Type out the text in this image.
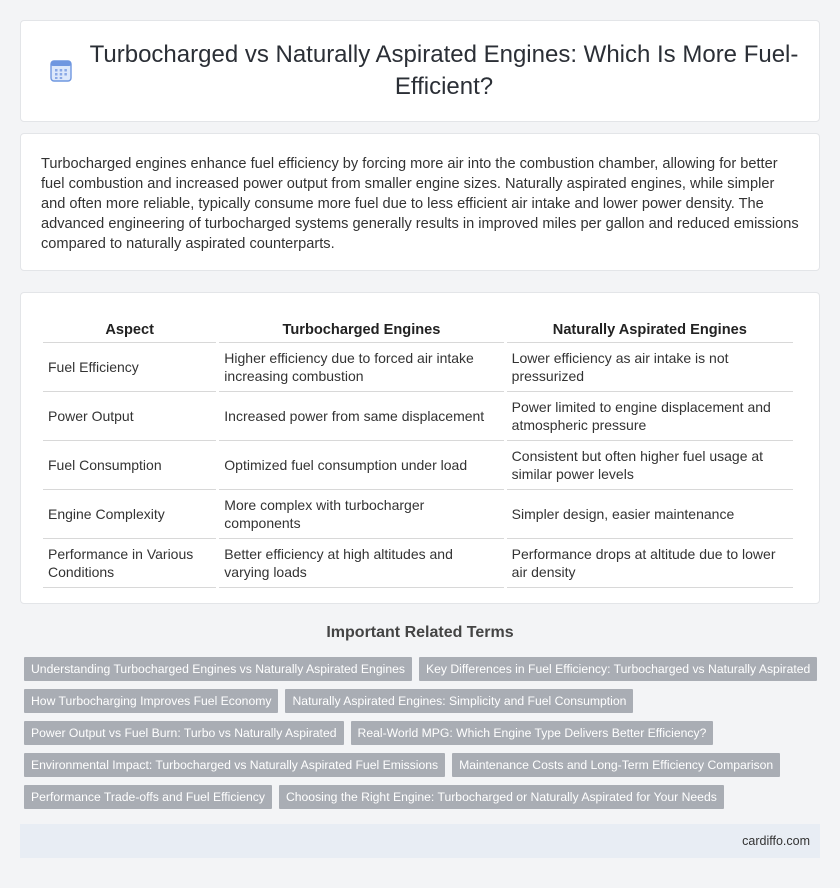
Turbocharged vs Naturally Aspirated Engines: Which Is More Fuel-Efficient?

Turbocharged engines enhance fuel efficiency by forcing more air into the combustion chamber, allowing for better fuel combustion and increased power output from smaller engine sizes. Naturally aspirated engines, while simpler and often more reliable, typically consume more fuel due to less efficient air intake and lower power density. The advanced engineering of turbocharged systems generally results in improved miles per gallon and reduced emissions compared to naturally aspirated counterparts.

Aspect	Turbocharged Engines	Naturally Aspirated Engines
Fuel Efficiency	Higher efficiency due to forced air intake increasing combustion	Lower efficiency as air intake is not pressurized
Power Output	Increased power from same displacement	Power limited to engine displacement and atmospheric pressure
Fuel Consumption	Optimized fuel consumption under load	Consistent but often higher fuel usage at similar power levels
Engine Complexity	More complex with turbocharger components	Simpler design, easier maintenance
Performance in Various Conditions	Better efficiency at high altitudes and varying loads	Performance drops at altitude due to lower air density
Important Related Terms
Understanding Turbocharged Engines vs Naturally Aspirated Engines	Key Differences in Fuel Efficiency: Turbocharged vs Naturally Aspirated
How Turbocharging Improves Fuel Economy	Naturally Aspirated Engines: Simplicity and Fuel Consumption
Power Output vs Fuel Burn: Turbo vs Naturally Aspirated	Real-World MPG: Which Engine Type Delivers Better Efficiency?
Environmental Impact: Turbocharged vs Naturally Aspirated Fuel Emissions	Maintenance Costs and Long-Term Efficiency Comparison
Performance Trade-offs and Fuel Efficiency	Choosing the Right Engine: Turbocharged or Naturally Aspirated for Your Needs
cardiffo.com
